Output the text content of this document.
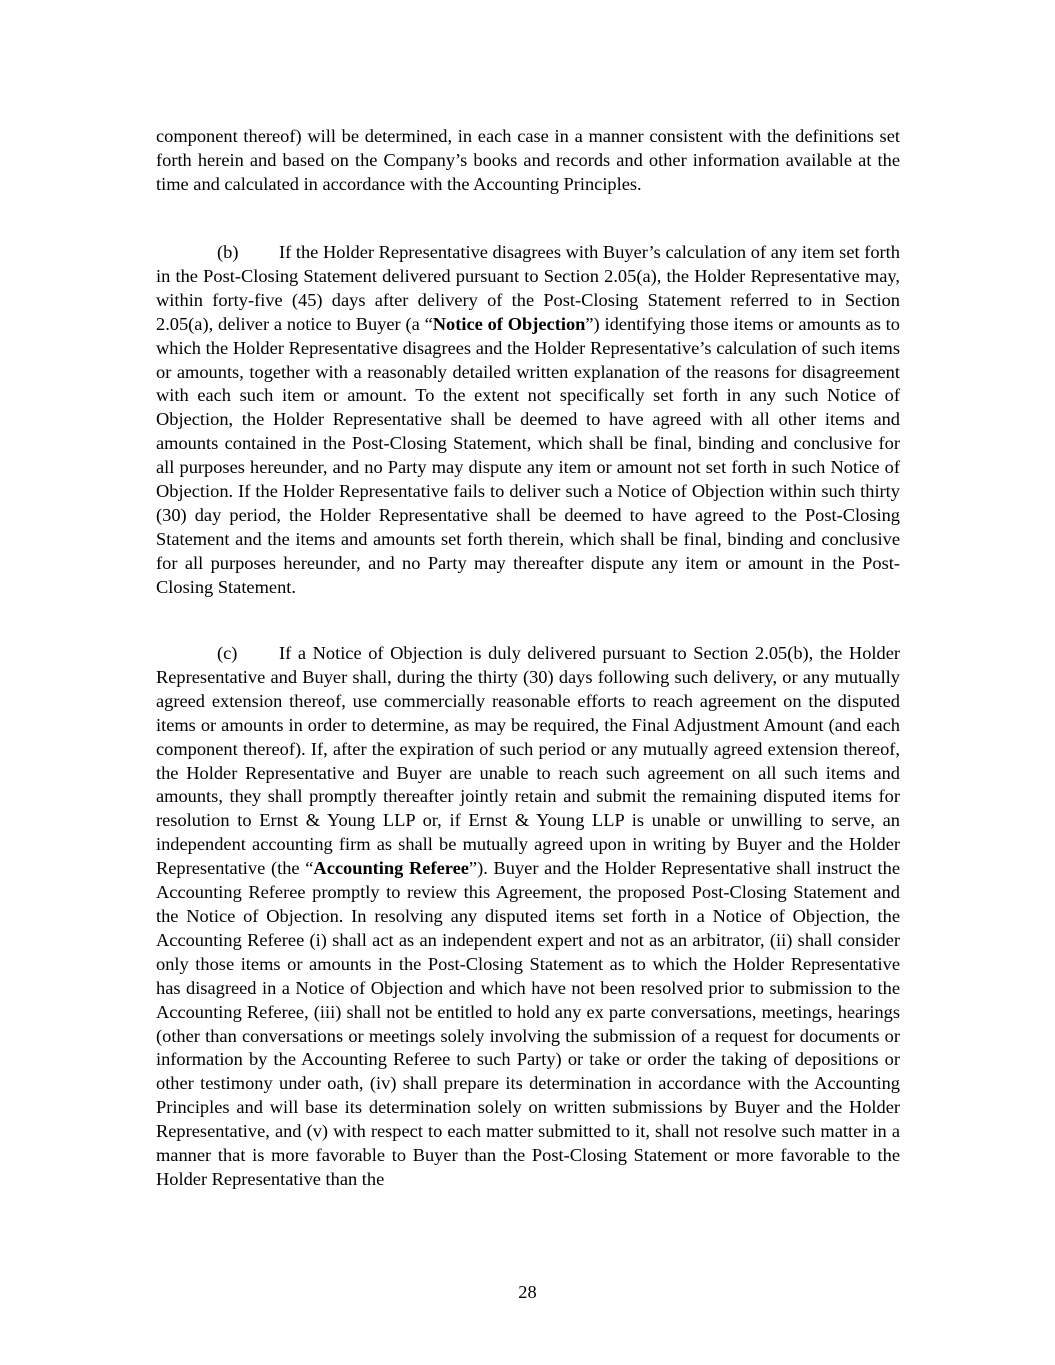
component thereof) will be determined, in each case in a manner consistent with the definitions set forth herein and based on the Company’s books and records and other information available at the time and calculated in accordance with the Accounting Principles.

(b) If the Holder Representative disagrees with Buyer’s calculation of any item set forth in the Post-Closing Statement delivered pursuant to Section 2.05(a), the Holder Representative may, within forty-five (45) days after delivery of the Post-Closing Statement referred to in Section 2.05(a), deliver a notice to Buyer (a “Notice of Objection”) identifying those items or amounts as to which the Holder Representative disagrees and the Holder Representative’s calculation of such items or amounts, together with a reasonably detailed written explanation of the reasons for disagreement with each such item or amount. To the extent not specifically set forth in any such Notice of Objection, the Holder Representative shall be deemed to have agreed with all other items and amounts contained in the Post-Closing Statement, which shall be final, binding and conclusive for all purposes hereunder, and no Party may dispute any item or amount not set forth in such Notice of Objection. If the Holder Representative fails to deliver such a Notice of Objection within such thirty (30) day period, the Holder Representative shall be deemed to have agreed to the Post-Closing Statement and the items and amounts set forth therein, which shall be final, binding and conclusive for all purposes hereunder, and no Party may thereafter dispute any item or amount in the Post-Closing Statement.

(c) If a Notice of Objection is duly delivered pursuant to Section 2.05(b), the Holder Representative and Buyer shall, during the thirty (30) days following such delivery, or any mutually agreed extension thereof, use commercially reasonable efforts to reach agreement on the disputed items or amounts in order to determine, as may be required, the Final Adjustment Amount (and each component thereof). If, after the expiration of such period or any mutually agreed extension thereof, the Holder Representative and Buyer are unable to reach such agreement on all such items and amounts, they shall promptly thereafter jointly retain and submit the remaining disputed items for resolution to Ernst & Young LLP or, if Ernst & Young LLP is unable or unwilling to serve, an independent accounting firm as shall be mutually agreed upon in writing by Buyer and the Holder Representative (the “Accounting Referee”). Buyer and the Holder Representative shall instruct the Accounting Referee promptly to review this Agreement, the proposed Post-Closing Statement and the Notice of Objection. In resolving any disputed items set forth in a Notice of Objection, the Accounting Referee (i) shall act as an independent expert and not as an arbitrator, (ii) shall consider only those items or amounts in the Post-Closing Statement as to which the Holder Representative has disagreed in a Notice of Objection and which have not been resolved prior to submission to the Accounting Referee, (iii) shall not be entitled to hold any ex parte conversations, meetings, hearings (other than conversations or meetings solely involving the submission of a request for documents or information by the Accounting Referee to such Party) or take or order the taking of depositions or other testimony under oath, (iv) shall prepare its determination in accordance with the Accounting Principles and will base its determination solely on written submissions by Buyer and the Holder Representative, and (v) with respect to each matter submitted to it, shall not resolve such matter in a manner that is more favorable to Buyer than the Post-Closing Statement or more favorable to the Holder Representative than the

28
